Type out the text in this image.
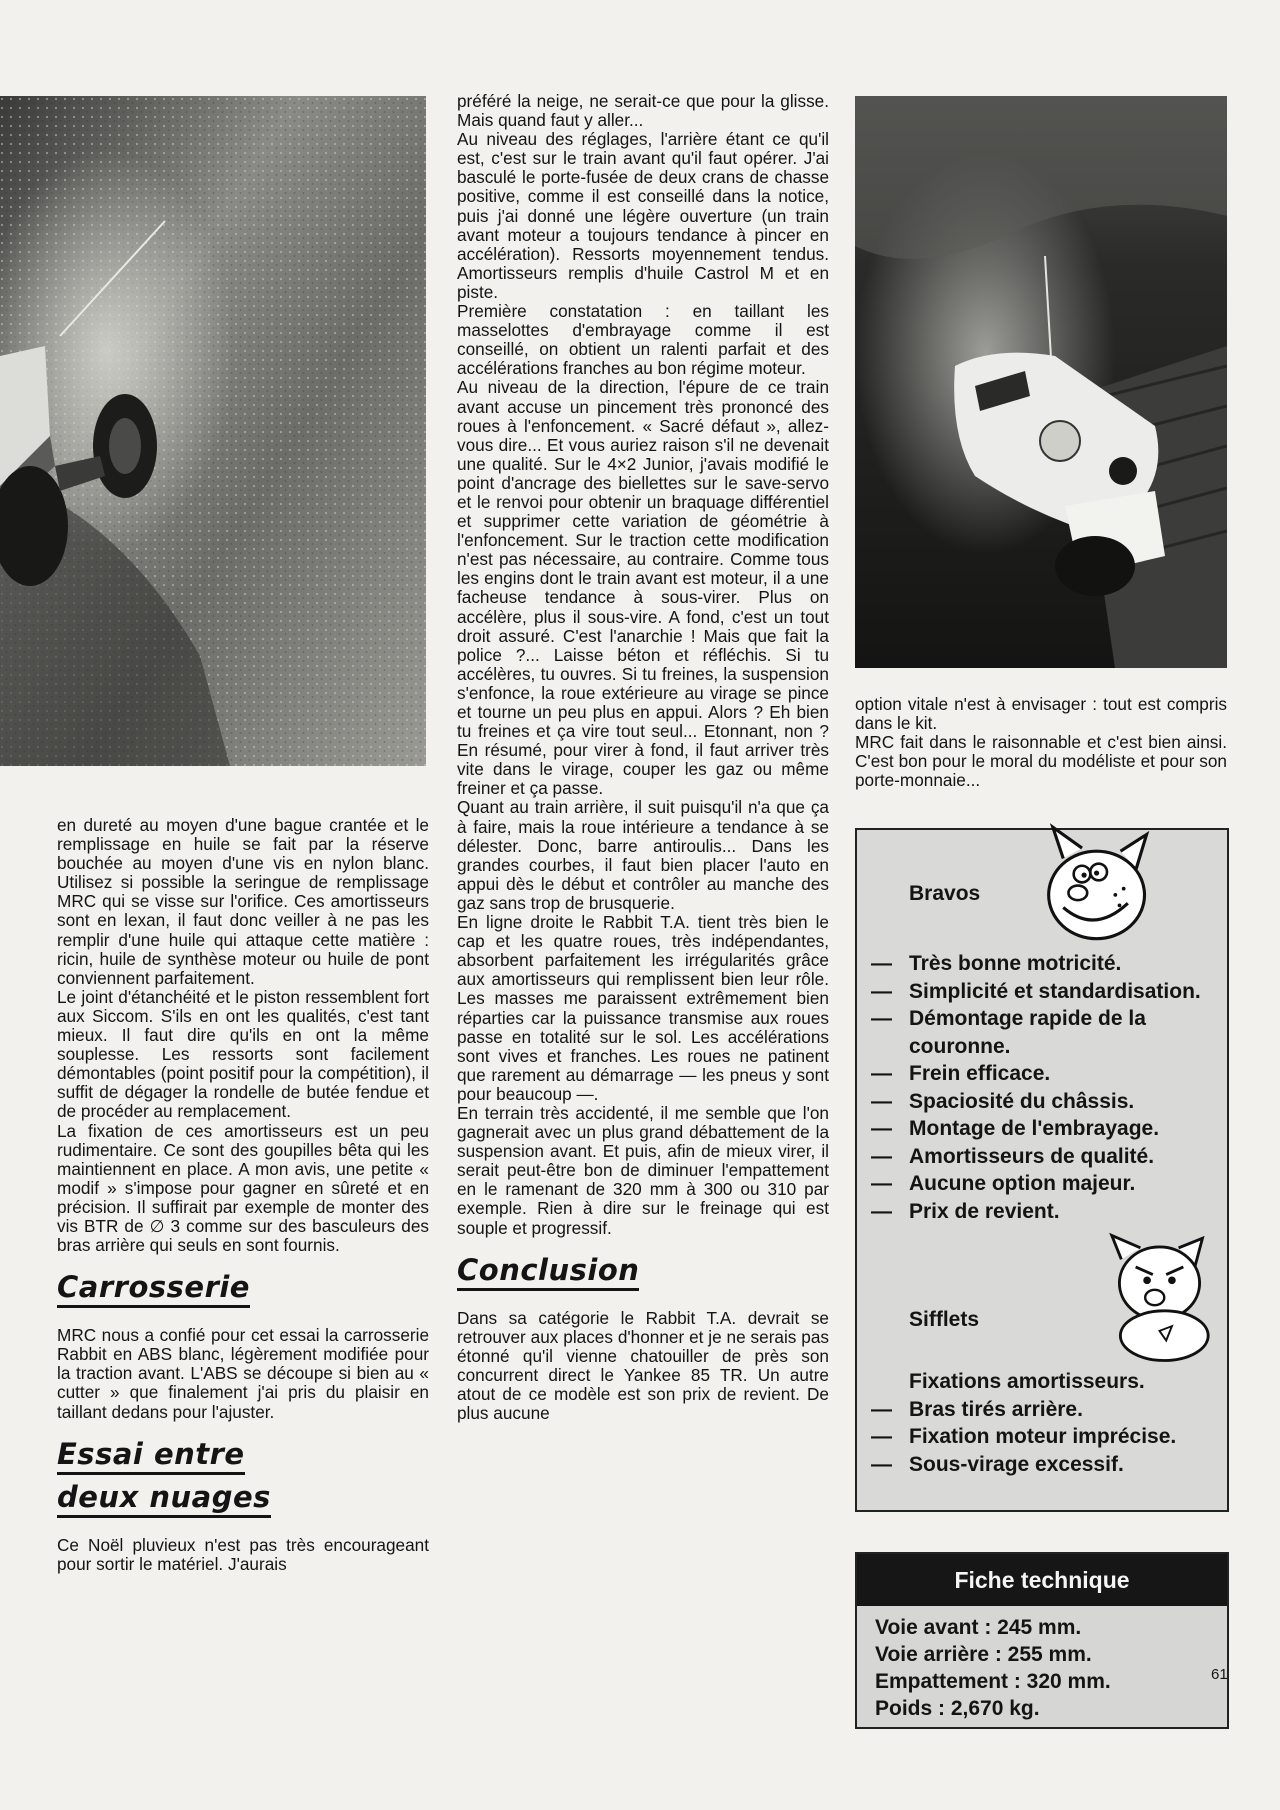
en dureté au moyen d'une bague crantée et le remplissage en huile se fait par la réserve bouchée au moyen d'une vis en nylon blanc. Utilisez si possible la seringue de remplissage MRC qui se visse sur l'orifice. Ces amortisseurs sont en lexan, il faut donc veiller à ne pas les remplir d'une huile qui attaque cette matière : ricin, huile de synthèse moteur ou huile de pont conviennent parfaitement.

Le joint d'étanchéité et le piston ressemblent fort aux Siccom. S'ils en ont les qualités, c'est tant mieux. Il faut dire qu'ils en ont la même souplesse. Les ressorts sont facilement démontables (point positif pour la compétition), il suffit de dégager la rondelle de butée fendue et de procéder au remplacement.

La fixation de ces amortisseurs est un peu rudimentaire. Ce sont des goupilles bêta qui les maintiennent en place. A mon avis, une petite « modif » s'impose pour gagner en sûreté et en précision. Il suffirait par exemple de monter des vis BTR de ∅ 3 comme sur des basculeurs des bras arrière qui seuls en sont fournis.

Carrosserie

MRC nous a confié pour cet essai la carrosserie Rabbit en ABS blanc, légèrement modifiée pour la traction avant. L'ABS se découpe si bien au « cutter » que finalement j'ai pris du plaisir en taillant dedans pour l'ajuster.

Essai entre
deux nuages

Ce Noël pluvieux n'est pas très encourageant pour sortir le matériel. J'aurais

préféré la neige, ne serait-ce que pour la glisse. Mais quand faut y aller...

Au niveau des réglages, l'arrière étant ce qu'il est, c'est sur le train avant qu'il faut opérer. J'ai basculé le porte-fusée de deux crans de chasse positive, comme il est conseillé dans la notice, puis j'ai donné une légère ouverture (un train avant moteur a toujours tendance à pincer en accélération). Ressorts moyennement tendus. Amortisseurs remplis d'huile Castrol M et en piste.

Première constatation : en taillant les masselottes d'embrayage comme il est conseillé, on obtient un ralenti parfait et des accélérations franches au bon régime moteur.

Au niveau de la direction, l'épure de ce train avant accuse un pincement très prononcé des roues à l'enfoncement. « Sacré défaut », allez-vous dire... Et vous auriez raison s'il ne devenait une qualité. Sur le 4×2 Junior, j'avais modifié le point d'ancrage des biellettes sur le save-servo et le renvoi pour obtenir un braquage différentiel et supprimer cette variation de géométrie à l'enfoncement. Sur le traction cette modification n'est pas nécessaire, au contraire. Comme tous les engins dont le train avant est moteur, il a une facheuse tendance à sous-virer. Plus on accélère, plus il sous-vire. A fond, c'est un tout droit assuré. C'est l'anarchie ! Mais que fait la police ?... Laisse béton et réfléchis. Si tu accélères, tu ouvres. Si tu freines, la suspension s'enfonce, la roue extérieure au virage se pince et tourne un peu plus en appui. Alors ? Eh bien tu freines et ça vire tout seul... Etonnant, non ? En résumé, pour virer à fond, il faut arriver très vite dans le virage, couper les gaz ou même freiner et ça passe.

Quant au train arrière, il suit puisqu'il n'a que ça à faire, mais la roue intérieure a tendance à se délester. Donc, barre antiroulis... Dans les grandes courbes, il faut bien placer l'auto en appui dès le début et contrôler au manche des gaz sans trop de brusquerie.

En ligne droite le Rabbit T.A. tient très bien le cap et les quatre roues, très indépendantes, absorbent parfaitement les irrégularités grâce aux amortisseurs qui remplissent bien leur rôle. Les masses me paraissent extrêmement bien réparties car la puissance transmise aux roues passe en totalité sur le sol. Les accélérations sont vives et franches. Les roues ne patinent que rarement au démarrage — les pneus y sont pour beaucoup —.

En terrain très accidenté, il me semble que l'on gagnerait avec un plus grand débattement de la suspension avant. Et puis, afin de mieux virer, il serait peut-être bon de diminuer l'empattement en le ramenant de 320 mm à 300 ou 310 par exemple. Rien à dire sur le freinage qui est souple et progressif.

Conclusion

Dans sa catégorie le Rabbit T.A. devrait se retrouver aux places d'honner et je ne serais pas étonné qu'il vienne chatouiller de près son concurrent direct le Yankee 85 TR. Un autre atout de ce modèle est son prix de revient. De plus aucune

option vitale n'est à envisager : tout est compris dans le kit.

MRC fait dans le raisonnable et c'est bien ainsi. C'est bon pour le moral du modéliste et pour son porte-monnaie...

Bravos
— Très bonne motricité.
— Simplicité et standardisation.
— Démontage rapide de la couronne.
— Frein efficace.
— Spaciosité du châssis.
— Montage de l'embrayage.
— Amortisseurs de qualité.
— Aucune option majeur.
— Prix de revient.
Sifflets
Fixations amortisseurs.
— Bras tirés arrière.
— Fixation moteur imprécise.
— Sous-virage excessif.
Fiche technique
Voie avant : 245 mm.
Voie arrière : 255 mm.
Empattement : 320 mm.
Poids : 2,670 kg.
61
